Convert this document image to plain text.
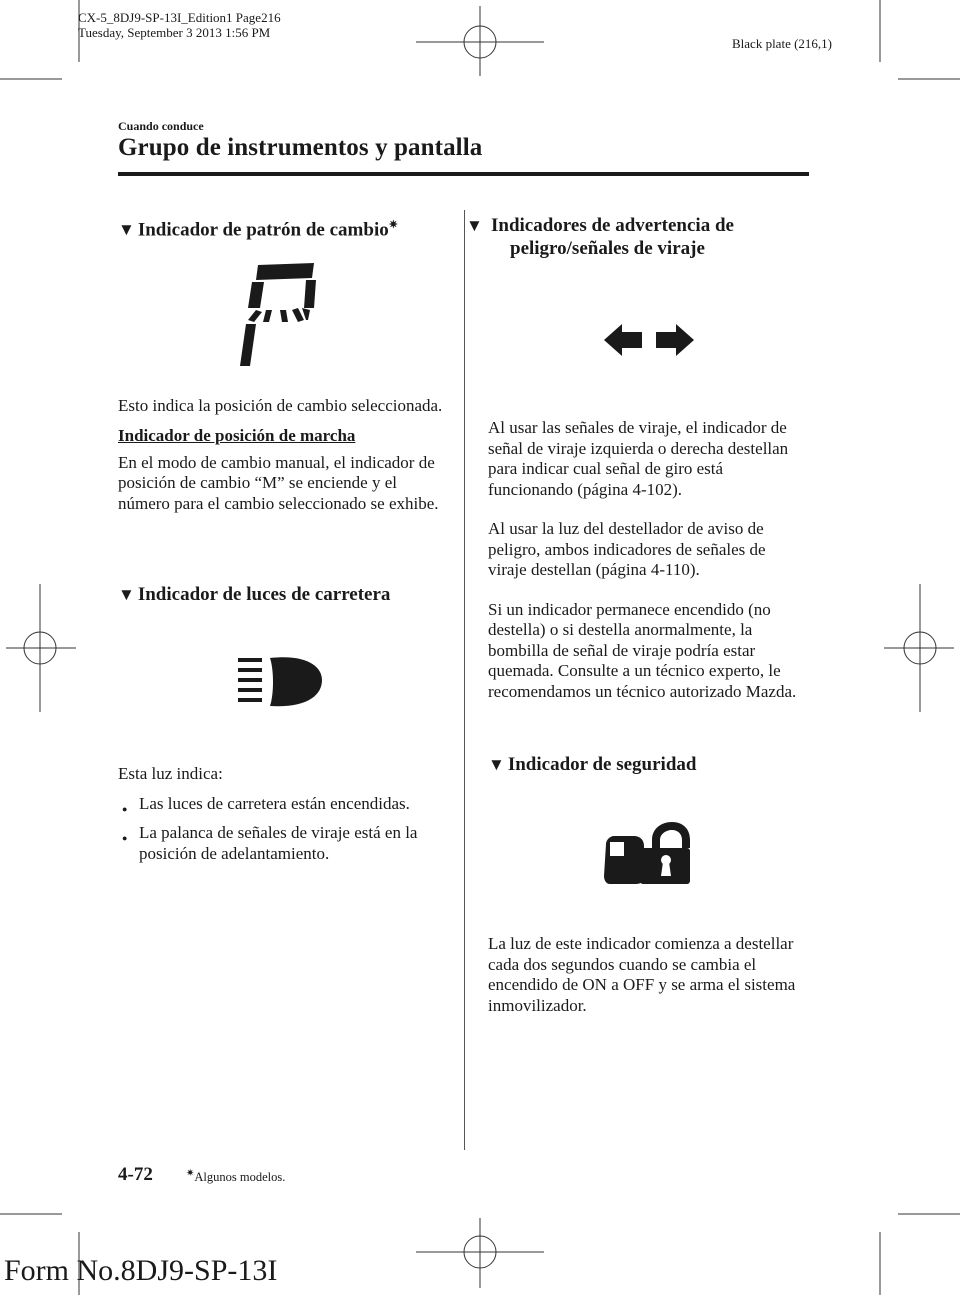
CX-5_8DJ9-SP-13I_Edition1 Page216
Tuesday, September 3 2013 1:56 PM
Black plate (216,1)
Cuando conduce
Grupo de instrumentos y pantalla
▼ Indicador de patrón de cambio✷

Esto indica la posición de cambio seleccionada.

Indicador de posición de marcha

En el modo de cambio manual, el indicador de posición de cambio “M” se enciende y el número para el cambio seleccionado se exhibe.

▼ Indicador de luces de carretera

Esta luz indica:

● Las luces de carretera están encendidas.
● La palanca de señales de viraje está en la posición de adelantamiento.
▼ Indicadores de advertencia de peligro/señales de viraje

Al usar las señales de viraje, el indicador de señal de viraje izquierda o derecha destellan para indicar cual señal de giro está funcionando (página 4-102).

Al usar la luz del destellador de aviso de peligro, ambos indicadores de señales de viraje destellan (página 4-110).

Si un indicador permanece encendido (no destella) o si destella anormalmente, la bombilla de señal de viraje podría estar quemada. Consulte a un técnico experto, le recomendamos un técnico autorizado Mazda.

▼ Indicador de seguridad

La luz de este indicador comienza a destellar cada dos segundos cuando se cambia el encendido de ON a OFF y se arma el sistema inmovilizador.

4-72	✷Algunos modelos.
Form No.8DJ9-SP-13I
